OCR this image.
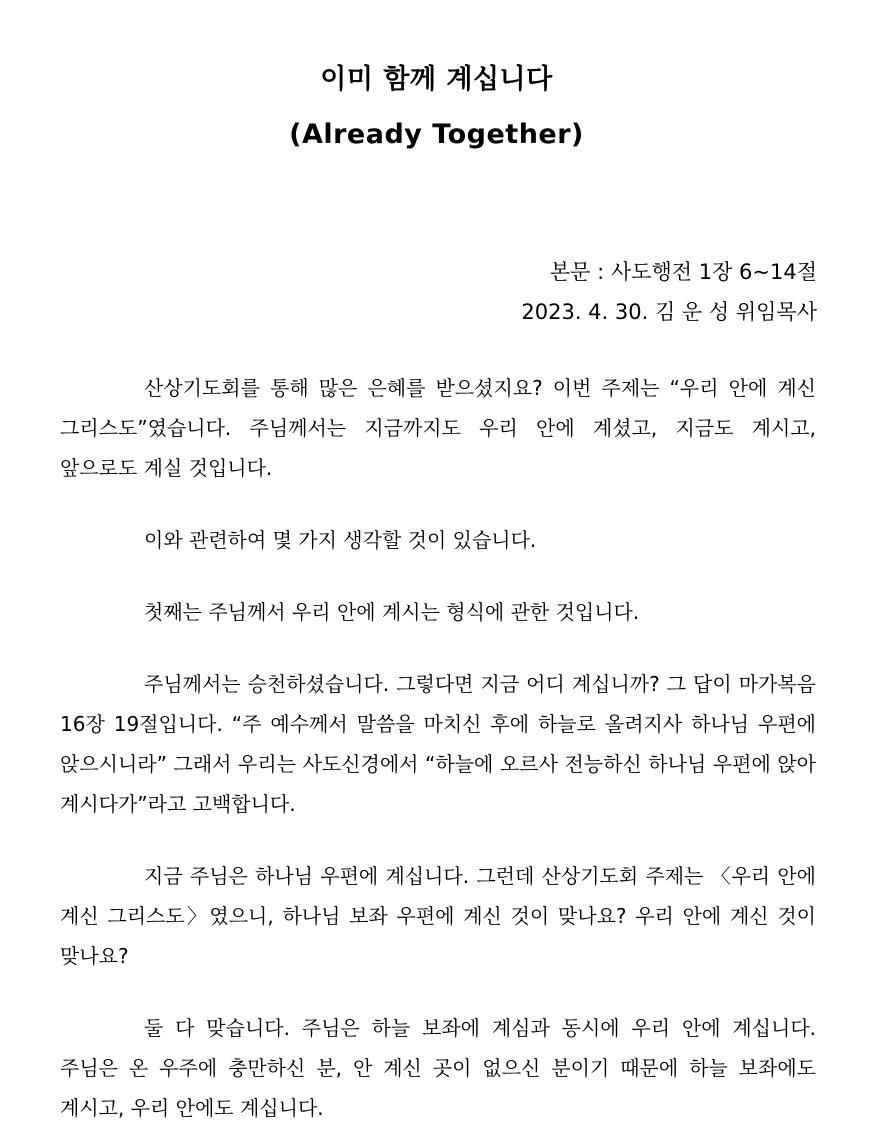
이미 함께 계십니다
(Already Together)
본문 : 사도행전 1장 6~14절
2023. 4. 30. 김 운 성 위임목사

산상기도회를 통해 많은 은혜를 받으셨지요? 이번 주제는 “우리 안에 계신 그리스도”였습니다. 주님께서는 지금까지도 우리 안에 계셨고, 지금도 계시고, 앞으로도 계실 것입니다.

이와 관련하여 몇 가지 생각할 것이 있습니다.

첫째는 주님께서 우리 안에 계시는 형식에 관한 것입니다.

주님께서는 승천하셨습니다. 그렇다면 지금 어디 계십니까? 그 답이 마가복음 16장 19절입니다. “주 예수께서 말씀을 마치신 후에 하늘로 올려지사 하나님 우편에 앉으시니라” 그래서 우리는 사도신경에서 “하늘에 오르사 전능하신 하나님 우편에 앉아 계시다가”라고 고백합니다.

지금 주님은 하나님 우편에 계십니다. 그런데 산상기도회 주제는 〈우리 안에 계신 그리스도〉였으니, 하나님 보좌 우편에 계신 것이 맞나요? 우리 안에 계신 것이 맞나요?

둘 다 맞습니다. 주님은 하늘 보좌에 계심과 동시에 우리 안에 계십니다. 주님은 온 우주에 충만하신 분, 안 계신 곳이 없으신 분이기 때문에 하늘 보좌에도 계시고, 우리 안에도 계십니다.
